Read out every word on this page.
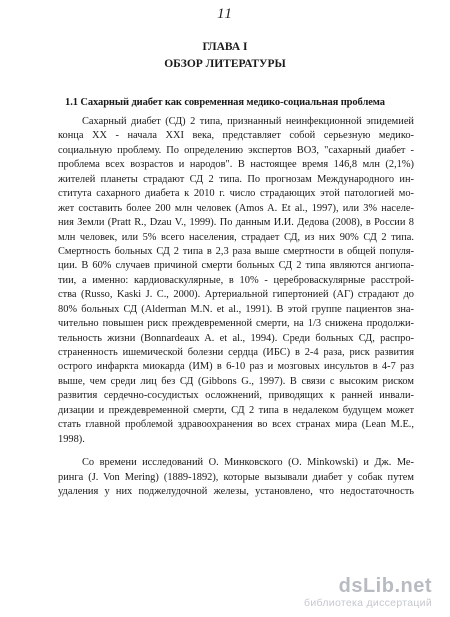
11
ГЛАВА I
ОБЗОР ЛИТЕРАТУРЫ
1.1 Сахарный диабет как современная медико-социальная проблема
Сахарный диабет (СД) 2 типа, признанный неинфекционной эпидемией
конца XX - начала XXI века, представляет собой серьезную медико-
социальную проблему. По определению экспертов ВОЗ, "сахарный диабет -
проблема всех возрастов и народов". В настоящее время 146,8 млн (2,1%)
жителей планеты страдают СД 2 типа. По прогнозам Международного ин-
ститута сахарного диабета к 2010 г. число страдающих этой патологией мо-
жет составить более 200 млн человек (Amos A. Et al., 1997), или 3% населе-
ния Земли (Pratt R., Dzau V., 1999). По данным И.И. Дедова (2008), в России 8
млн человек, или 5% всего населения, страдает СД, из них 90% СД 2 типа.
Смертность больных СД 2 типа в 2,3 раза выше смертности в общей популя-
ции. В 60% случаев причиной смерти больных СД 2 типа являются ангиопа-
тии, а именно: кардиоваскулярные, в 10% - цереброваскулярные расстрой-
ства (Russo, Kaski J. C., 2000). Артериальной гипертонией (АГ) страдают до
80% больных СД (Alderman M.N. et al., 1991). В этой группе пациентов зна-
чительно повышен риск преждевременной смерти, на 1/3 снижена продолжи-
тельность жизни (Bonnardeaux A. et al., 1994). Среди больных СД, распро-
страненность ишемической болезни сердца (ИБС) в 2-4 раза, риск развития
острого инфаркта миокарда (ИМ) в 6-10 раз и мозговых инсультов в 4-7 раз
выше, чем среди лиц без СД (Gibbons G., 1997). В связи с высоким риском
развития сердечно-сосудистых осложнений, приводящих к ранней инвали-
дизации и преждевременной смерти, СД 2 типа в недалеком будущем может
стать главной проблемой здравоохранения во всех странах мира (Lean M.E.,
1998).
Со времени исследований О. Минковского (O. Minkowski) и Дж. Ме-
ринга (J. Von Mering) (1889-1892), которые вызывали диабет у собак путем
удаления у них поджелудочной железы, установлено, что недостаточность
dsLib.net
библиотека диссертаций
